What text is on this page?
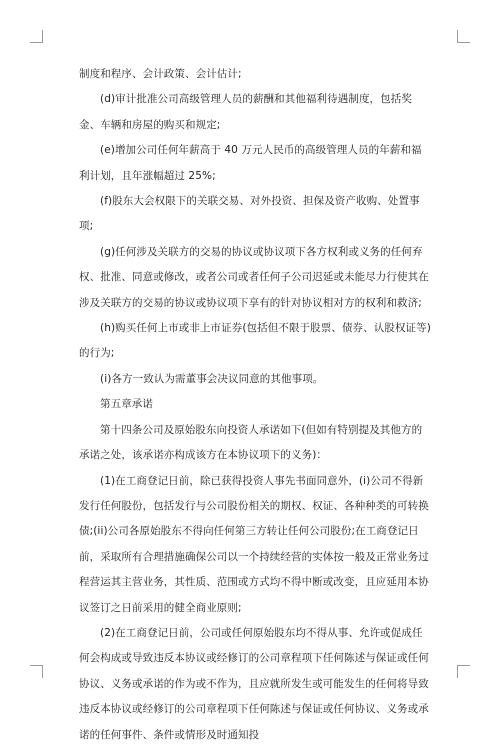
制度和程序、会计政策、会计估计;

(d)审计批准公司高级管理人员的薪酬和其他福利待遇制度，包括奖金、车辆和房屋的购买和规定;

(e)增加公司任何年薪高于 40 万元人民币的高级管理人员的年薪和福利计划，且年涨幅超过 25%;

(f)股东大会权限下的关联交易、对外投资、担保及资产收购、处置事项;

(g)任何涉及关联方的交易的协议或协议项下各方权利或义务的任何弃权、批准、同意或修改，或者公司或者任何子公司迟延或未能尽力行使其在涉及关联方的交易的协议或协议项下享有的针对协议相对方的权利和救济;

(h)购买任何上市或非上市证券(包括但不限于股票、债券、认股权证等)的行为;

(i)各方一致认为需董事会决议同意的其他事项。

第五章承诺

第十四条公司及原始股东向投资人承诺如下(但如有特别提及其他方的承诺之处，该承诺亦构成该方在本协议项下的义务)：

(1)在工商登记日前，除已获得投资人事先书面同意外，(i)公司不得新发行任何股份，包括发行与公司股份相关的期权、权证、各种种类的可转换债;(ii)公司各原始股东不得向任何第三方转让任何公司股份;在工商登记日前，采取所有合理措施确保公司以一个持续经营的实体按一般及正常业务过程营运其主营业务，其性质、范围或方式均不得中断或改变，且应延用本协议签订之日前采用的健全商业原则;

(2)在工商登记日前，公司或任何原始股东均不得从事、允许或促成任何会构成或导致违反本协议或经修订的公司章程项下任何陈述与保证或任何协议、义务或承诺的作为或不作为，且应就所发生或可能发生的任何将导致违反本协议或经修订的公司章程项下任何陈述与保证或任何协议、义务或承诺的任何事件、条件或情形及时通知投
